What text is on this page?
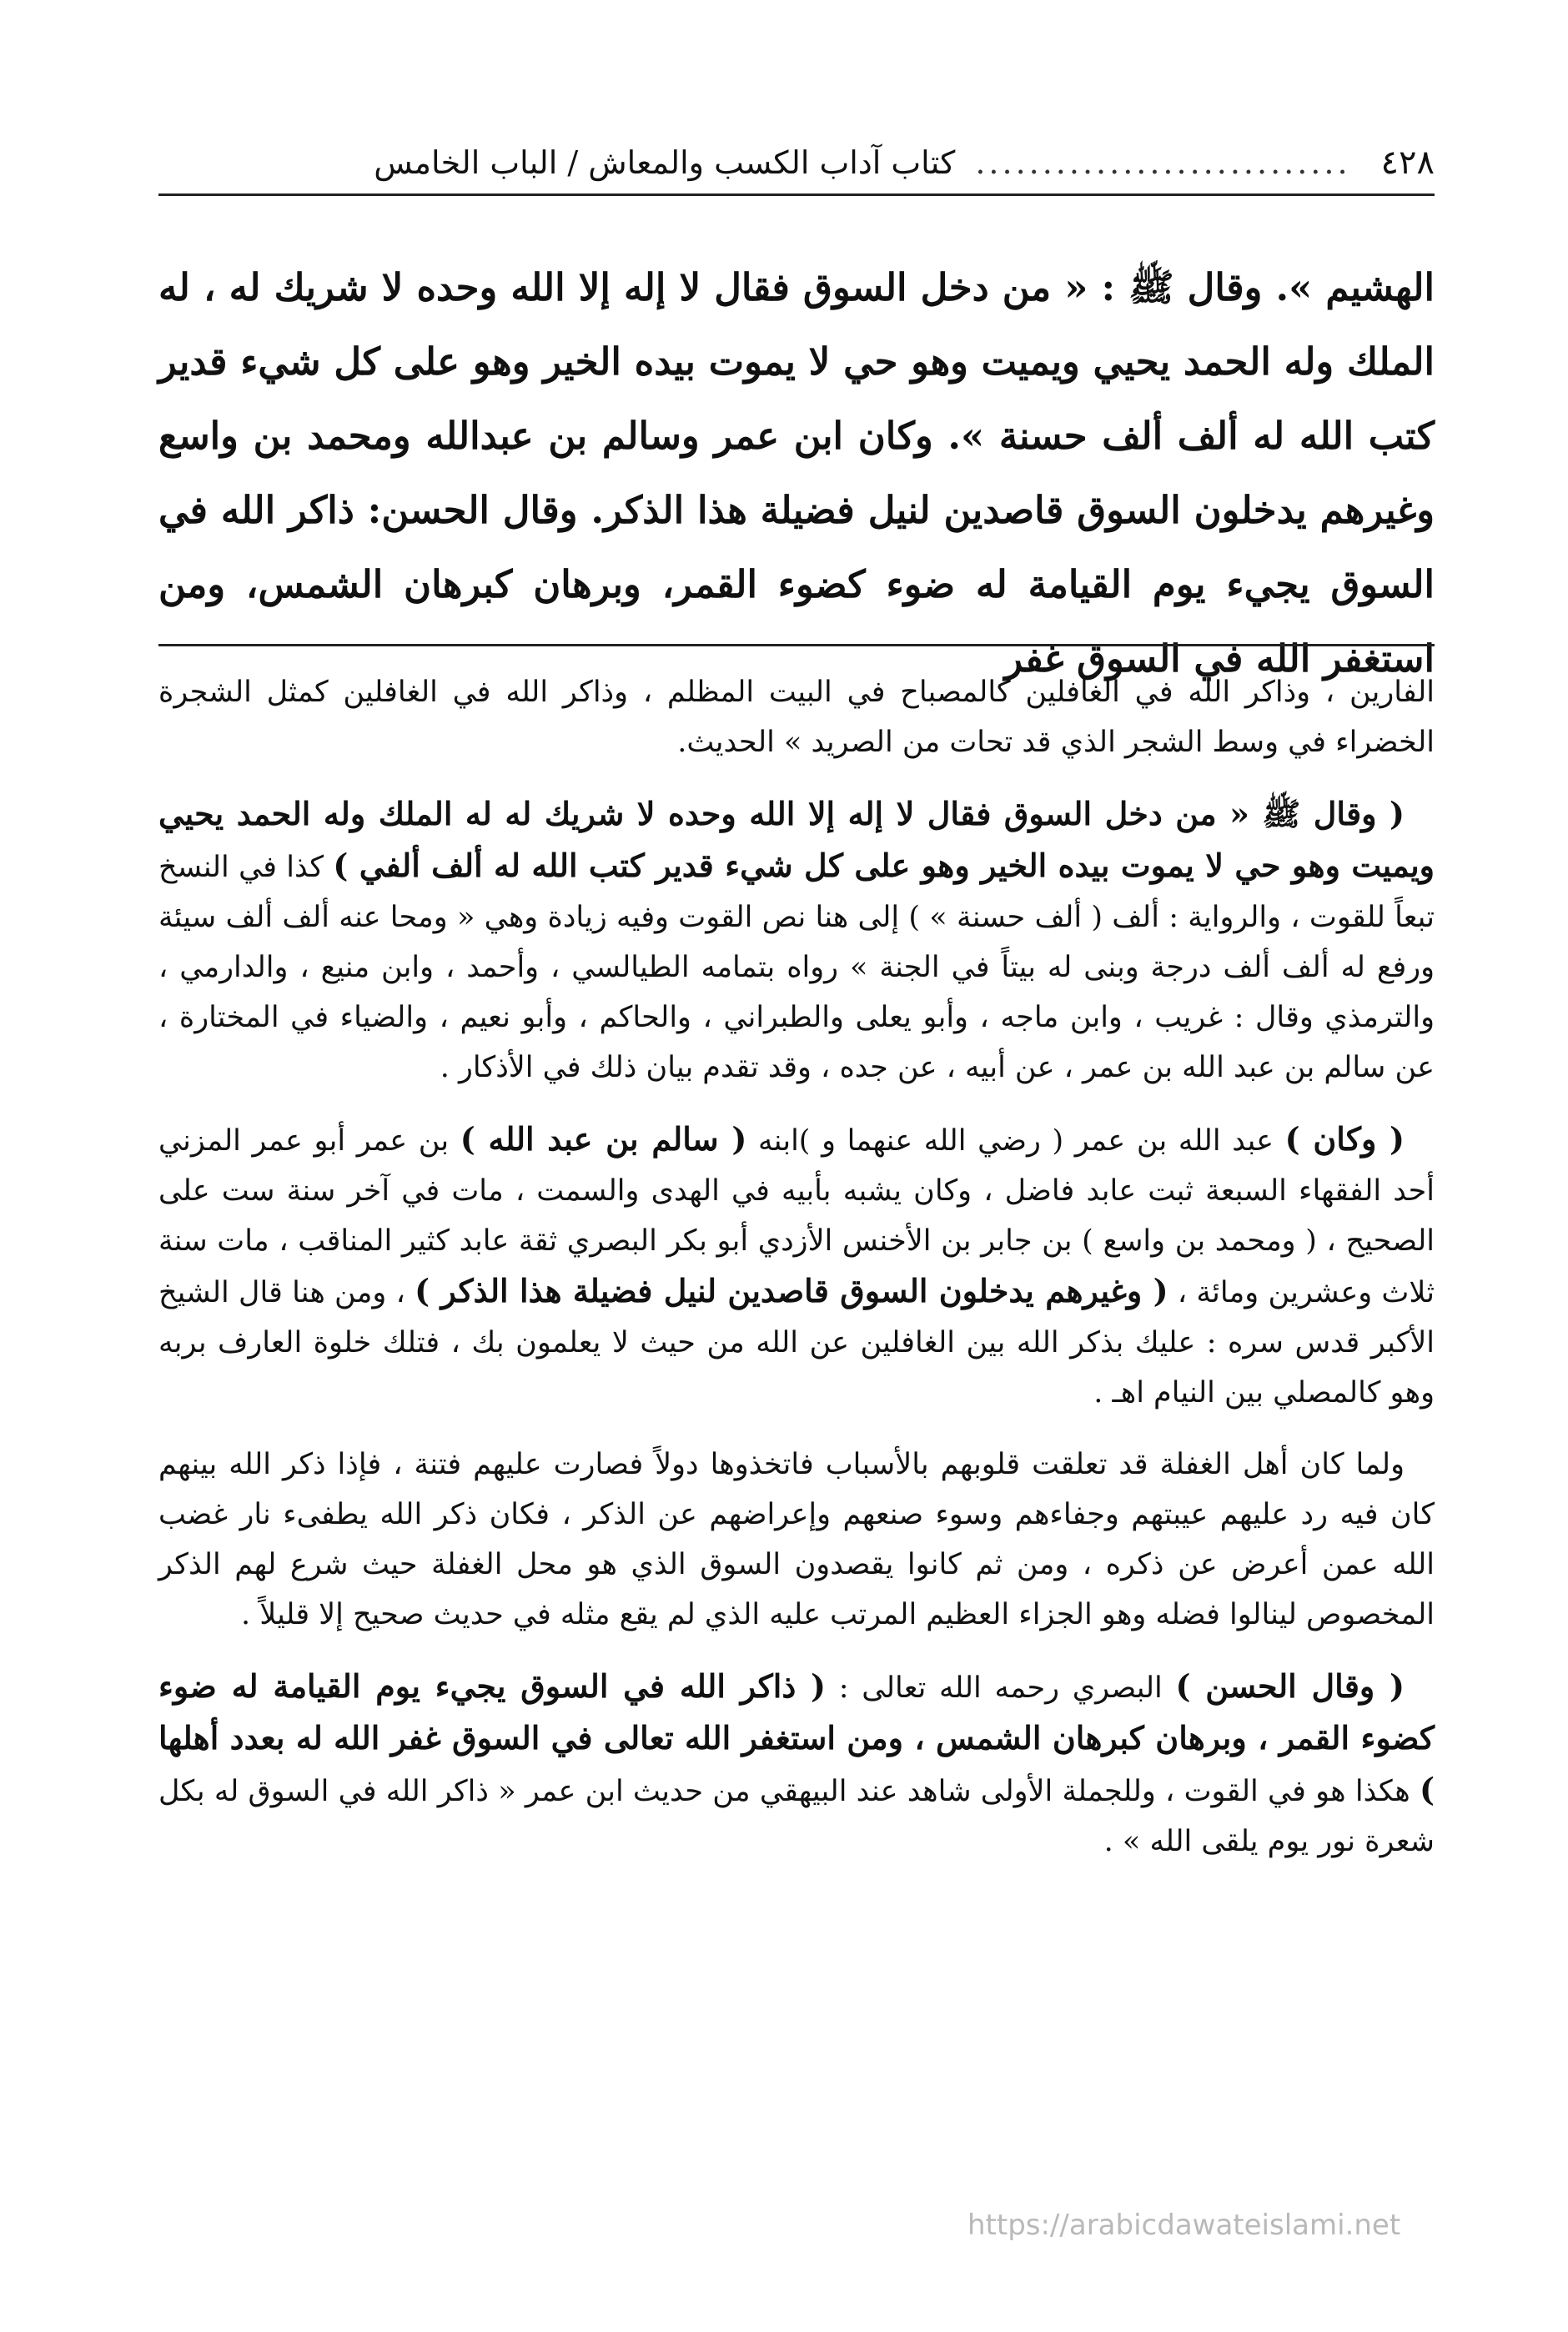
٤٢٨
............................
كتاب آداب الكسب والمعاش / الباب الخامس

الهشيم ». وقال ﷺ : « من دخل السوق فقال لا إله إلا الله وحده لا شريك له ، له الملك وله الحمد يحيي ويميت وهو حي لا يموت بيده الخير وهو على كل شيء قدير كتب الله له ألف ألف حسنة ». وكان ابن عمر وسالم بن عبدالله ومحمد بن واسع وغيرهم يدخلون السوق قاصدين لنيل فضيلة هذا الذكر. وقال الحسن: ذاكر الله في السوق يجيء يوم القيامة له ضوء كضوء القمر، وبرهان كبرهان الشمس، ومن استغفر الله في السوق غفر

الفارين ، وذاكر الله في الغافلين كالمصباح في البيت المظلم ، وذاكر الله في الغافلين كمثل الشجرة الخضراء في وسط الشجر الذي قد تحات من الصريد » الحديث.

( وقال ﷺ « من دخل السوق فقال لا إله إلا الله وحده لا شريك له له الملك وله الحمد يحيي ويميت وهو حي لا يموت بيده الخير وهو على كل شيء قدير كتب الله له ألف ألفي ) كذا في النسخ تبعاً للقوت ، والرواية : ألف ( ألف حسنة » ) إلى هنا نص القوت وفيه زيادة وهي « ومحا عنه ألف ألف سيئة ورفع له ألف ألف درجة وبنى له بيتاً في الجنة » رواه بتمامه الطيالسي ، وأحمد ، وابن منيع ، والدارمي ، والترمذي وقال : غريب ، وابن ماجه ، وأبو يعلى والطبراني ، والحاكم ، وأبو نعيم ، والضياء في المختارة ، عن سالم بن عبد الله بن عمر ، عن أبيه ، عن جده ، وقد تقدم بيان ذلك في الأذكار .

( وكان ) عبد الله بن عمر ( رضي الله عنهما و )ابنه ( سالم بن عبد الله ) بن عمر أبو عمر المزني أحد الفقهاء السبعة ثبت عابد فاضل ، وكان يشبه بأبيه في الهدى والسمت ، مات في آخر سنة ست على الصحيح ، ( ومحمد بن واسع ) بن جابر بن الأخنس الأزدي أبو بكر البصري ثقة عابد كثير المناقب ، مات سنة ثلاث وعشرين ومائة ، ( وغيرهم يدخلون السوق قاصدين لنيل فضيلة هذا الذكر ) ، ومن هنا قال الشيخ الأكبر قدس سره : عليك بذكر الله بين الغافلين عن الله من حيث لا يعلمون بك ، فتلك خلوة العارف بربه وهو كالمصلي بين النيام اهـ .

ولما كان أهل الغفلة قد تعلقت قلوبهم بالأسباب فاتخذوها دولاً فصارت عليهم فتنة ، فإذا ذكر الله بينهم كان فيه رد عليهم عيبتهم وجفاءهم وسوء صنعهم وإعراضهم عن الذكر ، فكان ذكر الله يطفىء نار غضب الله عمن أعرض عن ذكره ، ومن ثم كانوا يقصدون السوق الذي هو محل الغفلة حيث شرع لهم الذكر المخصوص لينالوا فضله وهو الجزاء العظيم المرتب عليه الذي لم يقع مثله في حديث صحيح إلا قليلاً .

( وقال الحسن ) البصري رحمه الله تعالى : ( ذاكر الله في السوق يجيء يوم القيامة له ضوء كضوء القمر ، وبرهان كبرهان الشمس ، ومن استغفر الله تعالى في السوق غفر الله له بعدد أهلها ) هكذا هو في القوت ، وللجملة الأولى شاهد عند البيهقي من حديث ابن عمر « ذاكر الله في السوق له بكل شعرة نور يوم يلقى الله » .

https://arabicdawateislami.net
